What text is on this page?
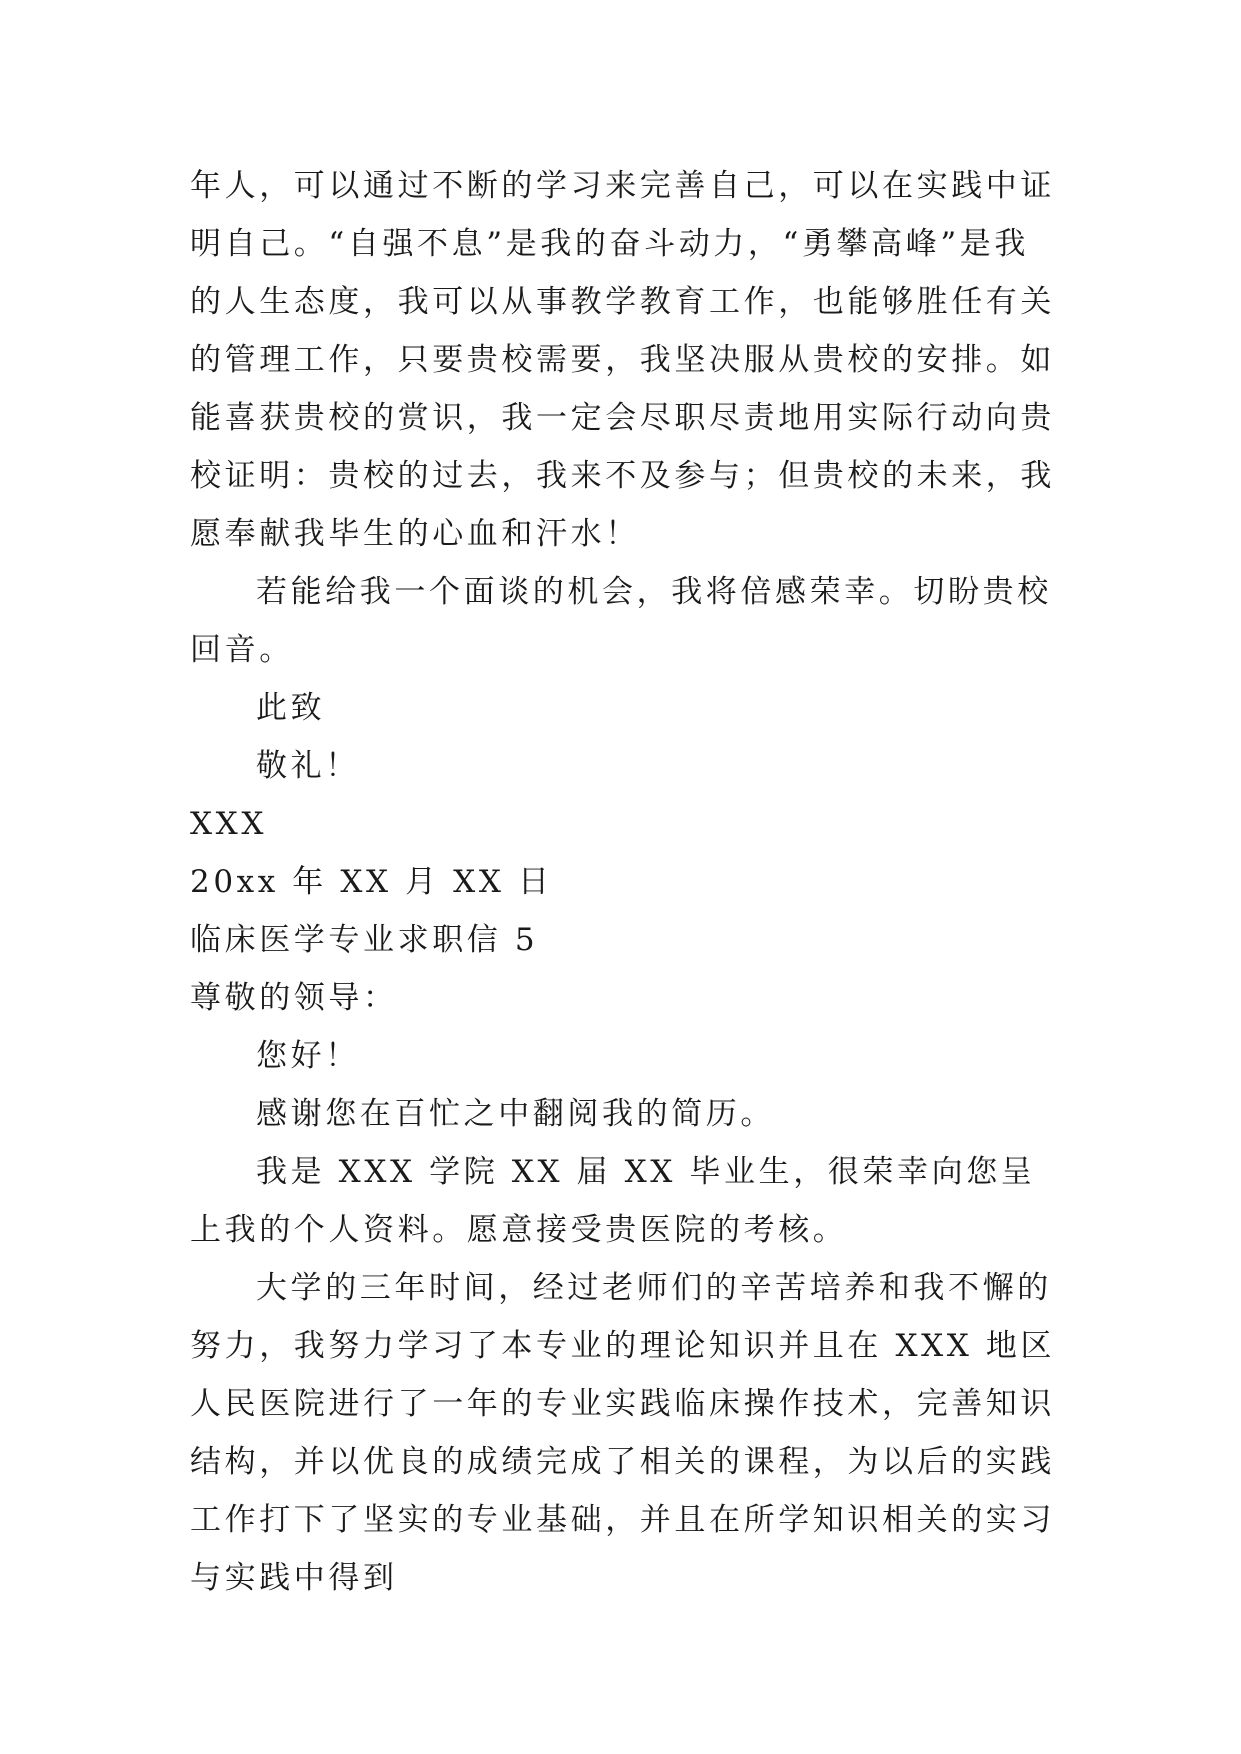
年人，可以通过不断的学习来完善自己，可以在实践中证明自己。“自强不息”是我的奋斗动力，“勇攀高峰”是我的人生态度，我可以从事教学教育工作，也能够胜任有关的管理工作，只要贵校需要，我坚决服从贵校的安排。如能喜获贵校的赏识，我一定会尽职尽责地用实际行动向贵校证明：贵校的过去，我来不及参与；但贵校的未来，我愿奉献我毕生的心血和汗水！

若能给我一个面谈的机会，我将倍感荣幸。切盼贵校回音。

此致

敬礼！

XXX

20xx 年 XX 月 XX 日

临床医学专业求职信 5

尊敬的领导：

您好！

感谢您在百忙之中翻阅我的简历。

我是 XXX 学院 XX 届 XX 毕业生，很荣幸向您呈上我的个人资料。愿意接受贵医院的考核。

大学的三年时间，经过老师们的辛苦培养和我不懈的努力，我努力学习了本专业的理论知识并且在 XXX 地区人民医院进行了一年的专业实践临床操作技术，完善知识结构，并以优良的成绩完成了相关的课程，为以后的实践工作打下了坚实的专业基础，并且在所学知识相关的实习与实践中得到
